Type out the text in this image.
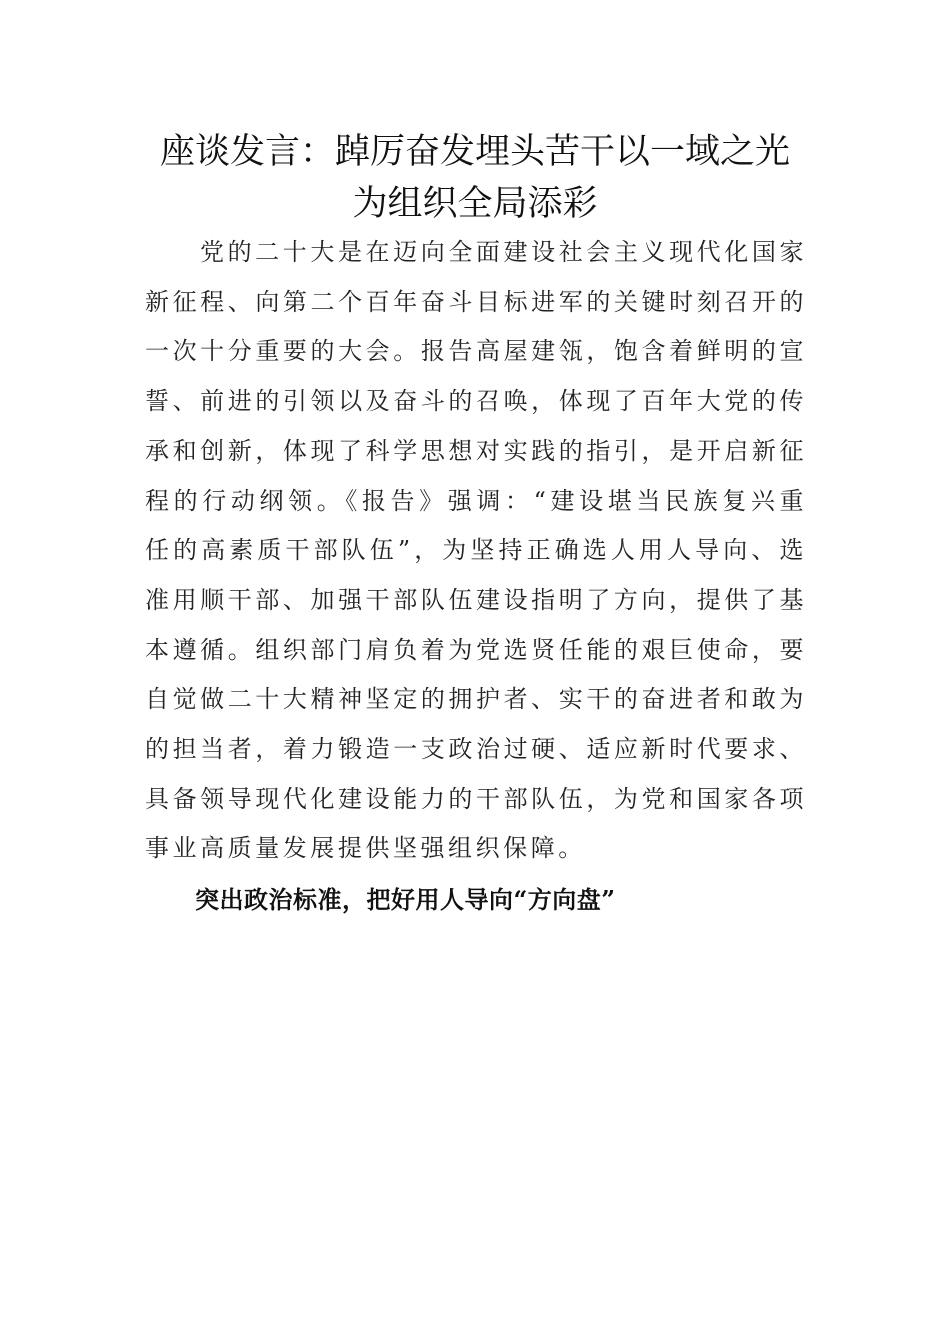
座谈发言：踔厉奋发埋头苦干以一域之光
为组织全局添彩

党的二十大是在迈向全面建设社会主义现代化国家新征程、向第二个百年奋斗目标进军的关键时刻召开的一次十分重要的大会。报告高屋建瓴，饱含着鲜明的宣誓、前进的引领以及奋斗的召唤，体现了百年大党的传承和创新，体现了科学思想对实践的指引，是开启新征程的行动纲领。《报告》强调：“建设堪当民族复兴重任的高素质干部队伍”，为坚持正确选人用人导向、选准用顺干部、加强干部队伍建设指明了方向，提供了基本遵循。组织部门肩负着为党选贤任能的艰巨使命，要自觉做二十大精神坚定的拥护者、实干的奋进者和敢为的担当者，着力锻造一支政治过硬、适应新时代要求、具备领导现代化建设能力的干部队伍，为党和国家各项事业高质量发展提供坚强组织保障。

突出政治标准，把好用人导向“方向盘”
